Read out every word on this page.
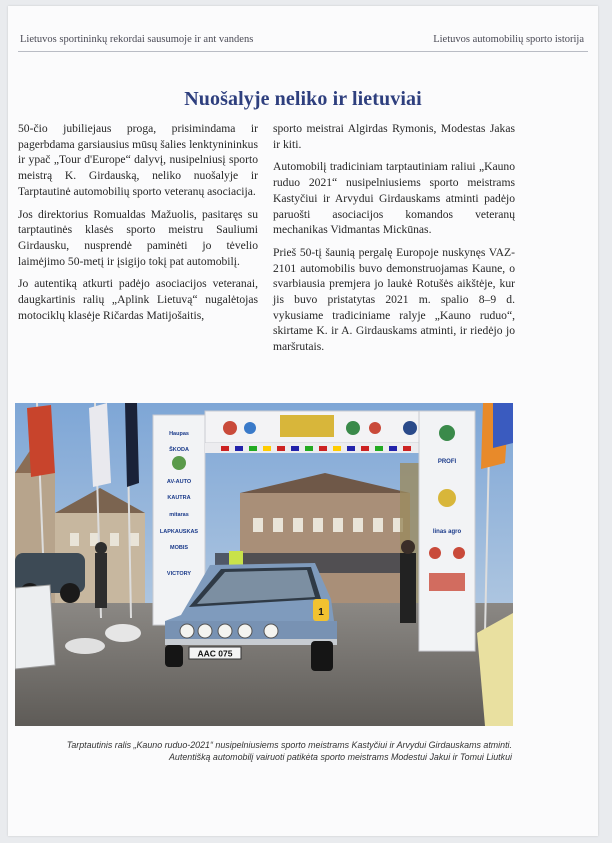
Lietuvos sportininkų rekordai sausumoje ir ant vandens	Lietuvos automobilių sporto istorija
Nuošalyje neliko ir lietuviai

50-čio jubiliejaus proga, prisimindama ir pagerbdama garsiausius mūsų šalies lenktynininkus ir ypač „Tour d'Europe“ dalyvį, nusipelniusį sporto meistrą K. Girdauską, neliko nuošalyje ir Tarptautinė automobilių sporto veteranų asociacija.

Jos direktorius Romualdas Mažuolis, pasitaręs su tarptautinės klasės sporto meistru Sauliumi Girdausku, nusprendė paminėti jo tėvelio laimėjimo 50-metį ir įsigijo tokį pat automobilį.

Jo autentiką atkurti padėjo asociacijos veteranai, daugkartinis ralių „Aplink Lietuvą“ nugalėtojas motociklų klasėje Ričardas Matijošaitis,

sporto meistrai Algirdas Rymonis, Modestas Jakas ir kiti.

Automobilį tradiciniam tarptautiniam raliui „Kauno ruduo 2021“ nusipelniusiems sporto meistrams Kastyčiui ir Arvydui Girdauskams atminti padėjo paruošti asociacijos komandos veteranų mechanikas Vidmantas Mickūnas.

Prieš 50-tį šaunią pergalę Europoje nuskynęs VAZ-2101 automobilis buvo demonstruojamas Kaune, o svarbiausia premjera jo laukė Rotušės aikštėje, kur jis buvo pristatytas 2021 m. spalio 8–9 d. vykusiame tradiciniame ralyje „Kauno ruduo“, skirtame K. ir A. Girdauskams atminti, ir riedėjo jo maršrutais.

Haupas
ŠKODA
AV-AUTO
KAUTRA
mitaras
LAPKAUSKAS
MOBIS
VICTORY
PROFI
linas agro
AAC 075
1
Tarptautinis ralis „Kauno ruduo-2021“ nusipelniusiems sporto meistrams Kastyčiui ir Arvydui Girdauskams atminti.
Autentišką automobilį vairuoti patikėta sporto meistrams Modestui Jakui ir Tomui Liutkui
